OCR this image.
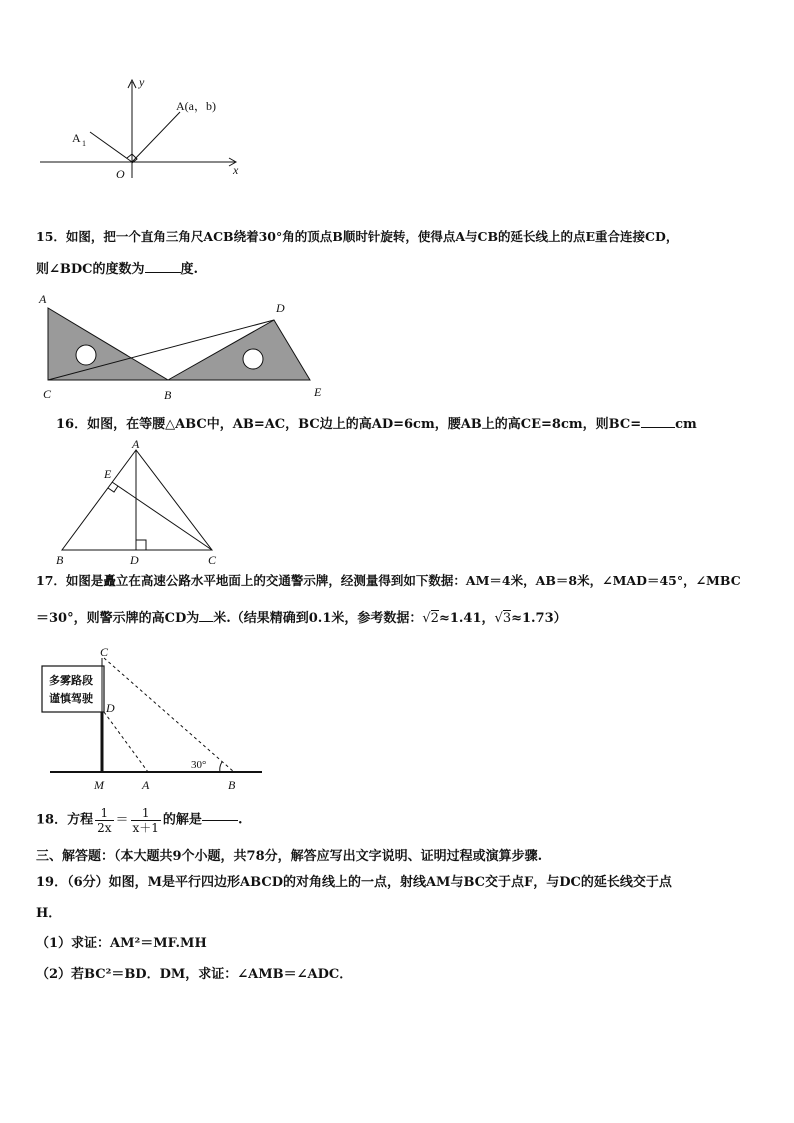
y
x
O
A(a，b)
A 1
15．如图，把一个直角三角尺ACB绕着30°角的顶点B顺时针旋转，使得点A与CB的延长线上的点E重合连接CD，
则∠BDC的度数为	度.
A
C	B
D
E
16．如图，在等腰△ABC中，AB=AC，BC边上的高AD=6cm，腰AB上的高CE=8cm，则BC=	cm
A
E
B	D	C
17．如图是矗立在高速公路水平地面上的交通警示牌，经测量得到如下数据：AM＝4米，AB＝8米，∠MAD＝45°，∠MBC
＝30°，则警示牌的高CD为 米.（结果精确到0.1米，参考数据：√2≈1.41，√3≈1.73）
多雾路段
谨慎驾驶
30°
C
D
M	A	B
18．方程 $\frac{1}{2x} = \frac{1}{x+1}$ 的解是	.
三、解答题：（本大题共9个小题，共78分，解答应写出文字说明、证明过程或演算步骤.
19．（6分）如图，M是平行四边形ABCD的对角线上的一点，射线AM与BC交于点F，与DC的延长线交于点
H．
（1）求证：AM²＝MF.MH
（2）若BC²＝BD．DM，求证：∠AMB＝∠ADC．
